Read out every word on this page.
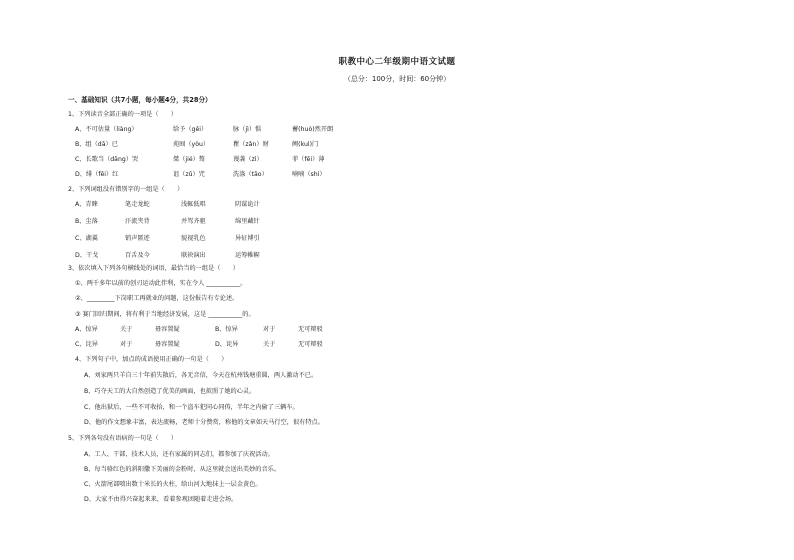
职教中心二年级期中语文试题
（总分：100分，时间：60分钟）
一、基础知识（共7小题，每小题4分，共28分）
1、下列读音全部正确的一项是（　　）
A、不可估量（liàng）	给予（gěi）	脉（jì）惧	蓄(huò)然开朗
B、组（dā）已	苑囿（yòu）	瞿（zǎn）财	阙(kuì)门
C、长歌当（dāng）哭	桀（jié）骜	谩袭（zì）	菲（fēi）薄
D、绯（fēi）红	诅（zǔ）咒	洗涤（tāo）	喃喃（shì）
2、下列词组没有错别字的一组是（　　）
A、青睐	笔走龙蛇	浅辄低唱	阴谋诡计
B、尘落	汗流夹背	并驾齐驱	绵里藏针
C、湖翼	销声匿迹	貌视乳色	异征博引
D、干戈	百舌及今	联袂演出	运筹帷幄
3、依次填入下列各句横线处的词语，最恰当的一组是（　　）
①、两千多年以前的创刃运动此伴利，实在令人 ___________。
②、_________下岗职工再就业的问题，这份报告有专论述。
③ 赛门回归期间，将有利于当地经济发展，这是 ___________的。
A、惊异	关于	毋容置疑	B、惊异	对于	无可辩驳
C、诧异	对于	毋容置疑	D、诧异	关于	无可辩驳
4、下列句子中，加点的成语使用正确的一句是（　　）
A、刘家两只羊自三十年前失散后，各无音信，今天在杭州钱塘重圆，两人激动不已。
B、巧夺天工的大自然创造了优美的画面，也拟照了她的心灵。
C、他出狱后，一些不可收拾，和一个盗车犯同心同俦，半年之内偷了三辆车。
D、他的作文想象丰富，表达流畅，老师十分赞赏，称他的文章如天马行空，很有特点。
5、下列各句没有语病的一句是（　　）
A、工人、干部、技术人员，还有家属的同志们，都参加了庆祝活动。
B、每当骆红色的斜阳撒下美丽的金粉时，从这里就会送出美妙的音乐。
C、火箭尾部喷出数十米长的火柱，给山河大地抹上一层金黄色。
D、大家不由得兴奋起来来，看着参观团随着走进会场。
